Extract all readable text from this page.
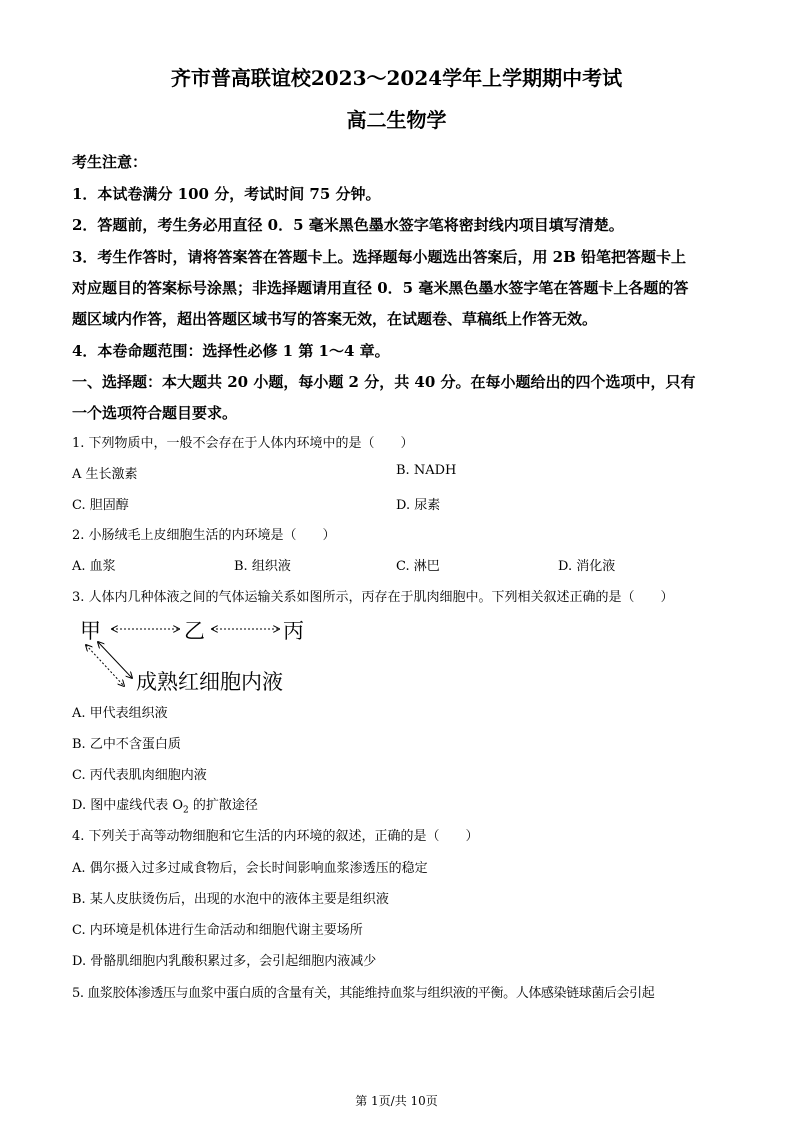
齐市普高联谊校2023～2024学年上学期期中考试
高二生物学
考生注意：
1．本试卷满分 100 分，考试时间 75 分钟。
2．答题前，考生务必用直径 0．5 毫米黑色墨水签字笔将密封线内项目填写清楚。
3．考生作答时，请将答案答在答题卡上。选择题每小题选出答案后，用 2B 铅笔把答题卡上
对应题目的答案标号涂黑；非选择题请用直径 0．5 毫米黑色墨水签字笔在答题卡上各题的答
题区域内作答，超出答题区域书写的答案无效，在试题卷、草稿纸上作答无效。
4．本卷命题范围：选择性必修 1 第 1～4 章。
一、选择题：本大题共 20 小题，每小题 2 分，共 40 分。在每小题给出的四个选项中，只有
一个选项符合题目要求。
1. 下列物质中，一般不会存在于人体内环境中的是（　　）
A 生长激素	B. NADH
C. 胆固醇	D. 尿素
2. 小肠绒毛上皮细胞生活的内环境是（　　）
A. 血浆	B. 组织液	C. 淋巴	D. 消化液
3. 人体内几种体液之间的气体运输关系如图所示，丙存在于肌肉细胞中。下列相关叙述正确的是（　　）
甲	乙	丙
成熟红细胞内液
A. 甲代表组织液
B. 乙中不含蛋白质
C. 丙代表肌肉细胞内液
D. 图中虚线代表 $O_2$ 的扩散途径
4. 下列关于高等动物细胞和它生活的内环境的叙述，正确的是（　　）
A. 偶尔摄入过多过咸食物后，会长时间影响血浆渗透压的稳定
B. 某人皮肤烫伤后，出现的水泡中的液体主要是组织液
C. 内环境是机体进行生命活动和细胞代谢主要场所
D. 骨骼肌细胞内乳酸积累过多，会引起细胞内液减少
5. 血浆胶体渗透压与血浆中蛋白质的含量有关，其能维持血浆与组织液的平衡。人体感染链球菌后会引起
第 1页/共 10页
